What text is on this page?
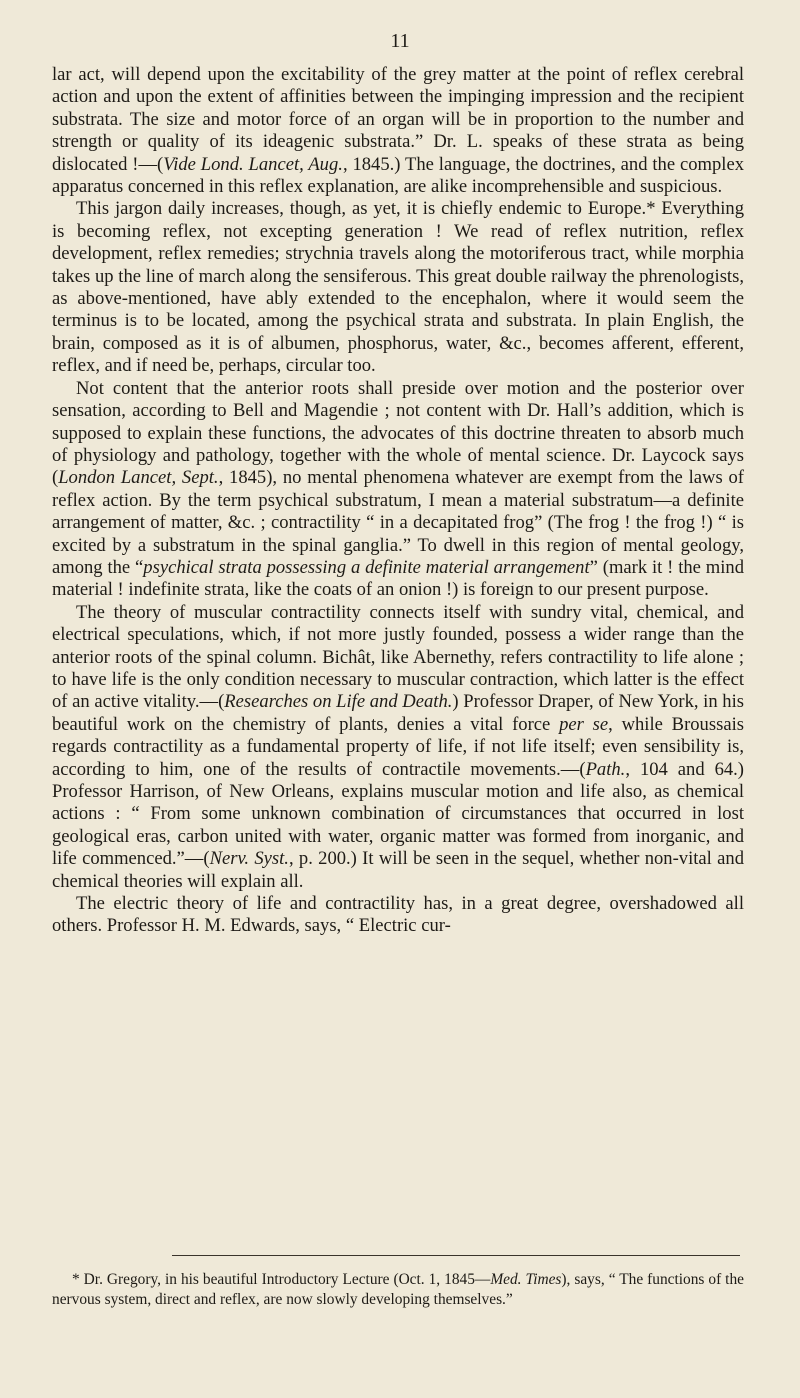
11

lar act, will depend upon the excitability of the grey matter at the point of reflex cerebral action and upon the extent of affinities between the impinging impression and the recipient substrata. The size and motor force of an organ will be in proportion to the number and strength or quality of its ideagenic substrata.” Dr. L. speaks of these strata as being dislocated !—(Vide Lond. Lancet, Aug., 1845.) The language, the doctrines, and the complex apparatus concerned in this reflex explanation, are alike incomprehensible and suspicious.

This jargon daily increases, though, as yet, it is chiefly endemic to Europe.* Everything is becoming reflex, not excepting generation ! We read of reflex nutrition, reflex development, reflex remedies; strychnia travels along the motoriferous tract, while morphia takes up the line of march along the sensiferous. This great double railway the phrenologists, as above-mentioned, have ably extended to the encephalon, where it would seem the terminus is to be located, among the psychical strata and substrata. In plain English, the brain, composed as it is of albumen, phosphorus, water, &c., becomes afferent, efferent, reflex, and if need be, perhaps, circular too.

Not content that the anterior roots shall preside over motion and the posterior over sensation, according to Bell and Magendie ; not content with Dr. Hall’s addition, which is supposed to explain these functions, the advocates of this doctrine threaten to absorb much of physiology and pathology, together with the whole of mental science. Dr. Laycock says (London Lancet, Sept., 1845), no mental phenomena whatever are exempt from the laws of reflex action. By the term psychical substratum, I mean a material substratum—a definite arrangement of matter, &c. ; contractility “ in a decapitated frog” (The frog ! the frog !) “ is excited by a substratum in the spinal ganglia.” To dwell in this region of mental geology, among the “psychical strata possessing a definite material arrangement” (mark it ! the mind material ! indefinite strata, like the coats of an onion !) is foreign to our present purpose.

The theory of muscular contractility connects itself with sundry vital, chemical, and electrical speculations, which, if not more justly founded, possess a wider range than the anterior roots of the spinal column. Bichât, like Abernethy, refers contractility to life alone ; to have life is the only condition necessary to muscular contraction, which latter is the effect of an active vitality.—(Researches on Life and Death.) Professor Draper, of New York, in his beautiful work on the chemistry of plants, denies a vital force per se, while Broussais regards contractility as a fundamental property of life, if not life itself; even sensibility is, according to him, one of the results of contractile movements.—(Path., 104 and 64.) Professor Harrison, of New Orleans, explains muscular motion and life also, as chemical actions : “ From some unknown combination of circumstances that occurred in lost geological eras, carbon united with water, organic matter was formed from inorganic, and life commenced.”—(Nerv. Syst., p. 200.) It will be seen in the sequel, whether non-vital and chemical theories will explain all.

The electric theory of life and contractility has, in a great degree, overshadowed all others. Professor H. M. Edwards, says, “ Electric cur-

* Dr. Gregory, in his beautiful Introductory Lecture (Oct. 1, 1845—Med. Times), says, “ The functions of the nervous system, direct and reflex, are now slowly developing themselves.”
